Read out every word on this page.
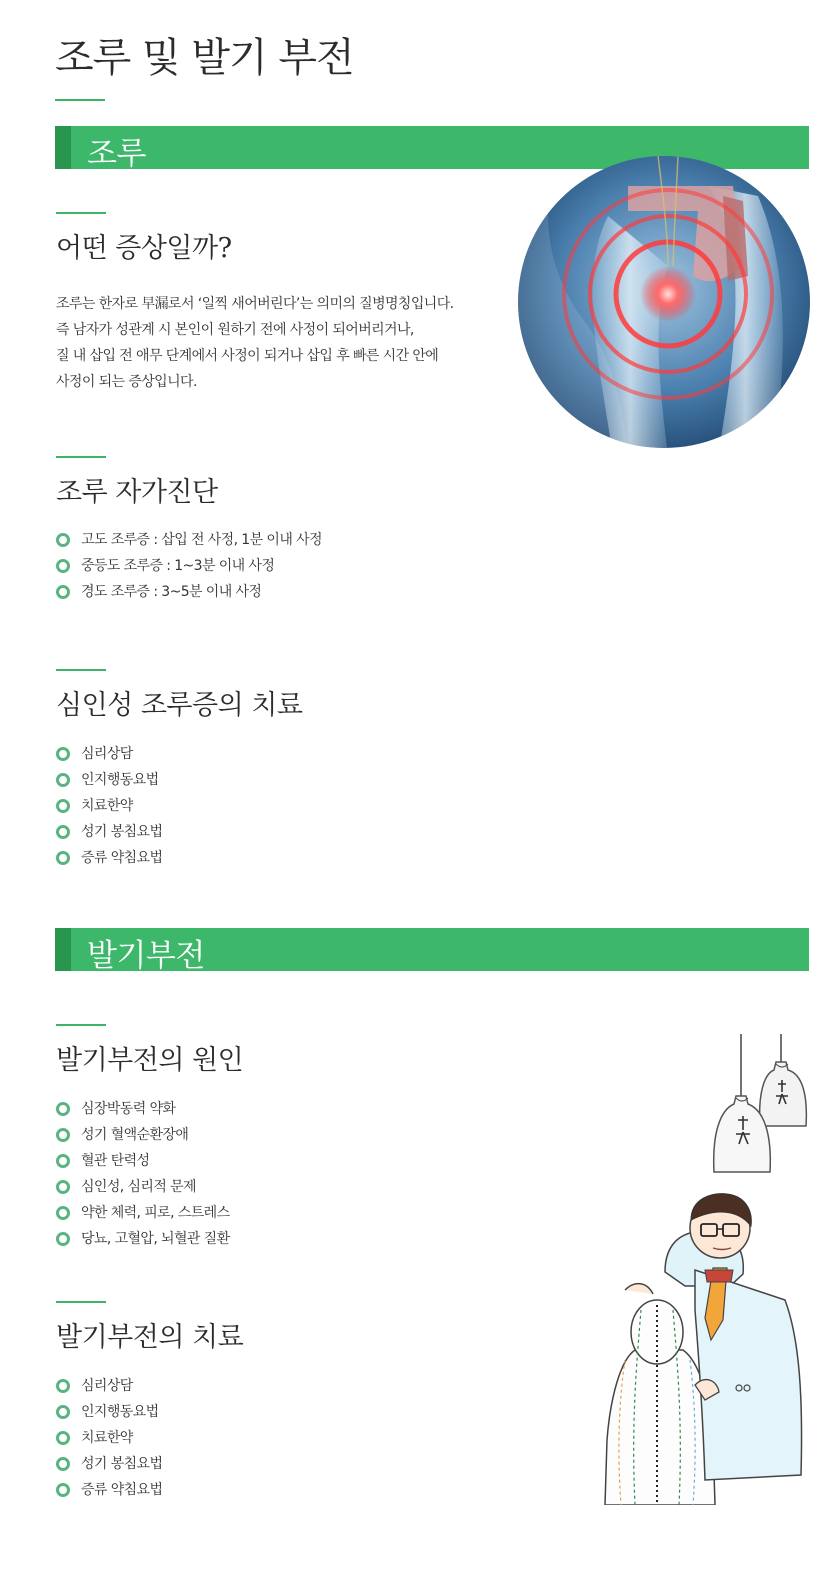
조루 및 발기 부전
조루
어떤 증상일까?

조루는 한자로 早漏로서 ‘일찍 새어버린다’는 의미의 질병명칭입니다.

즉 남자가 성관계 시 본인이 원하기 전에 사정이 되어버리거나,

질 내 삽입 전 애무 단계에서 사정이 되거나 삽입 후 빠른 시간 안에

사정이 되는 증상입니다.

조루 자가진단
고도 조루증 : 삽입 전 사정, 1분 이내 사정
중등도 조루증 : 1~3분 이내 사정
경도 조루증 : 3~5분 이내 사정
심인성 조루증의 치료
심리상담
인지행동요법
치료한약
성기 봉침요법
증류 약침요법
발기부전
발기부전의 원인
심장박동력 약화
성기 혈액순환장애
혈관 탄력성
심인성, 심리적 문제
약한 체력, 피로, 스트레스
당뇨, 고혈압, 뇌혈관 질환
발기부전의 치료
심리상담
인지행동요법
치료한약
성기 봉침요법
증류 약침요법
